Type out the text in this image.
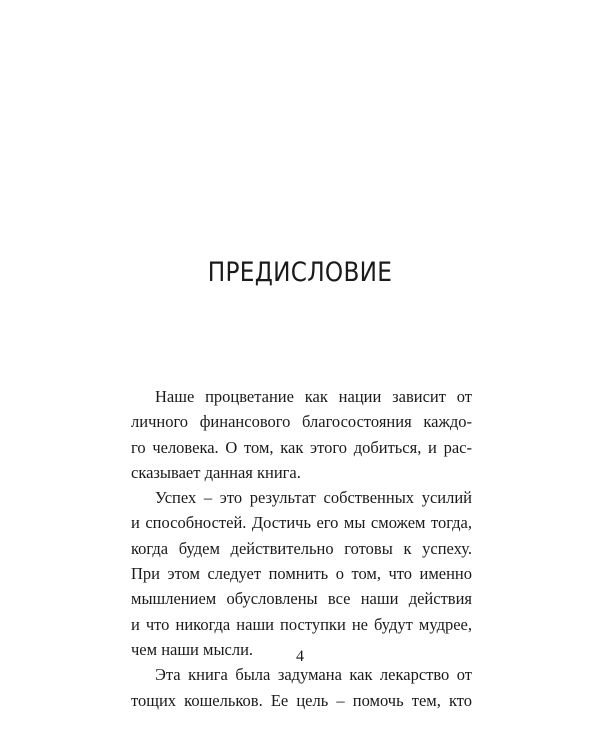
ПРЕДИСЛОВИЕ
Наше процветание как нации зависит от
личного финансового благосостояния каждо-
го человека. О том, как этого добиться, и рас-
сказывает данная книга.
Успех – это результат собственных усилий
и способностей. Достичь его мы сможем тогда,
когда будем действительно готовы к успеху.
При этом следует помнить о том, что именно
мышлением обусловлены все наши действия
и что никогда наши поступки не будут мудрее,
чем наши мысли.
Эта книга была задумана как лекарство от
тощих кошельков. Ее цель – помочь тем, кто
4
